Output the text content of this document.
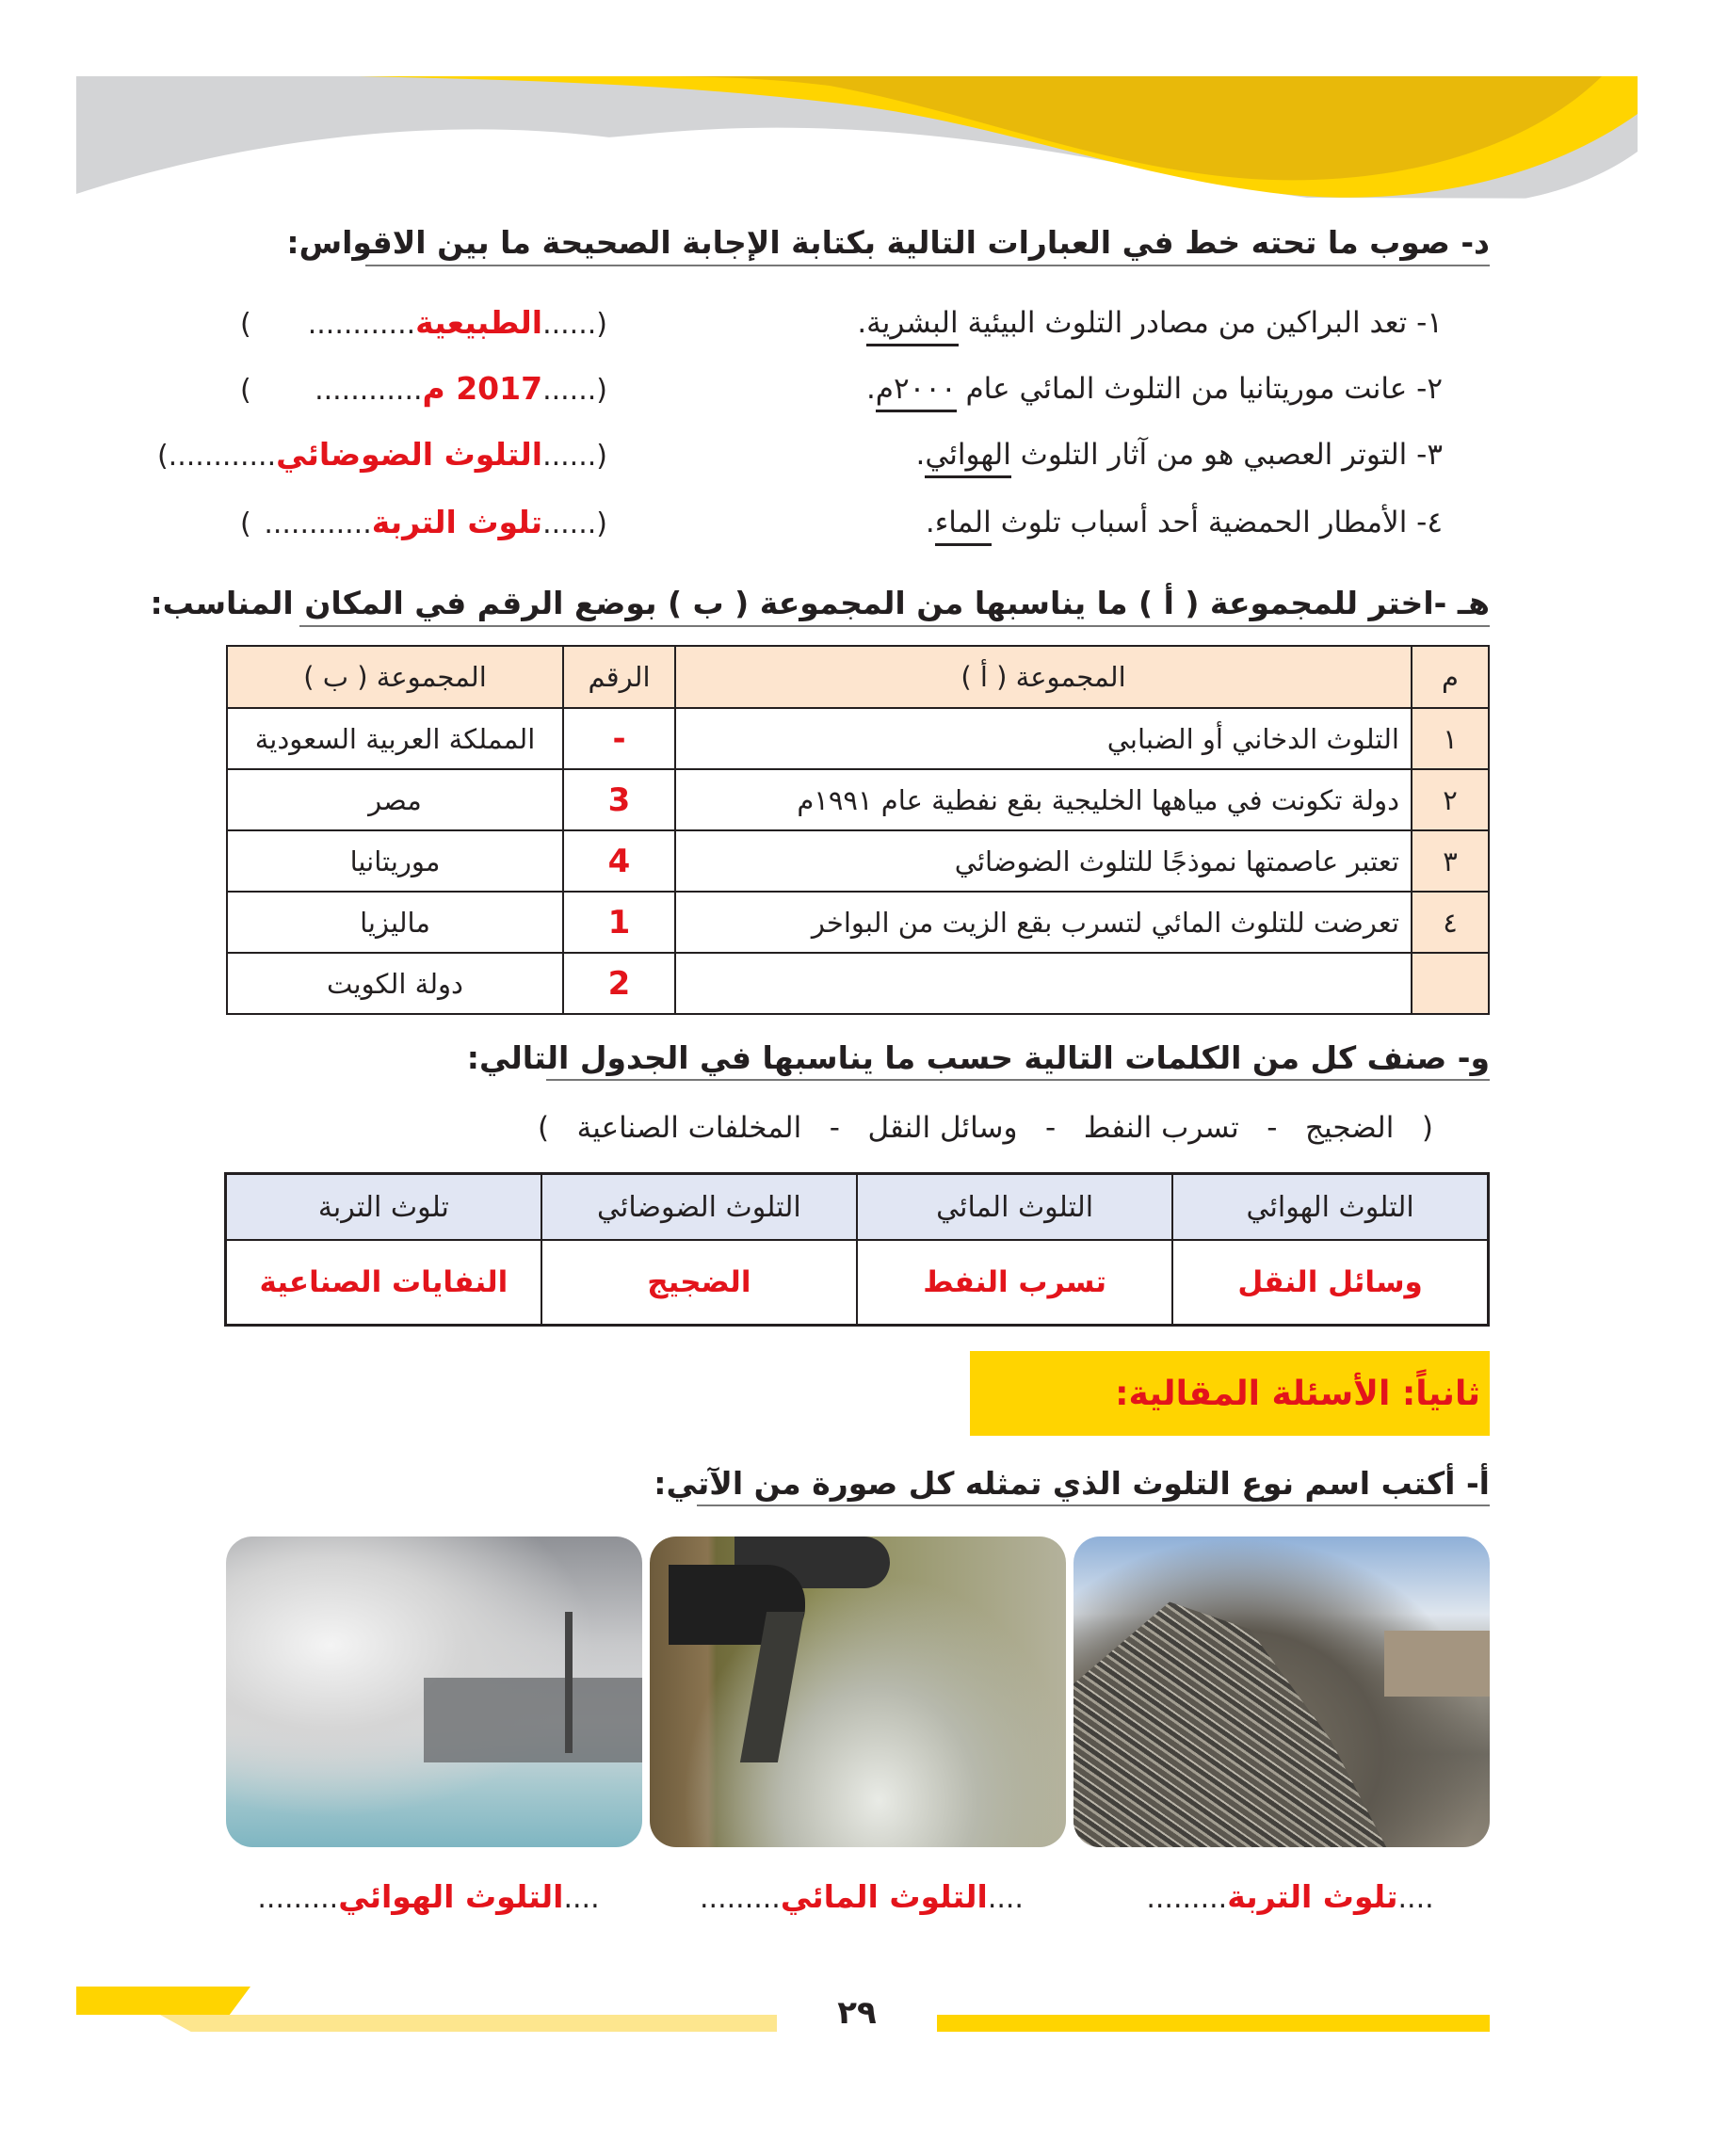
د- صوب ما تحته خط في العبارات التالية بكتابة الإجابة الصحيحة ما بين الاقواس:
١- تعد البراكين من مصادر التلوث البيئية البشرية.
(
......الطبيعية............
)
٢- عانت موريتانيا من التلوث المائي عام ٢٠٠٠م.
(
......2017 م............
)
٣- التوتر العصبي هو من آثار التلوث الهوائي.
(
......التلوث الضوضائي............
)
٤- الأمطار الحمضية أحد أسباب تلوث الماء.
(
......تلوث التربة............
)
هـ -اختر للمجموعة ( أ ) ما يناسبها من المجموعة ( ب ) بوضع الرقم في المكان المناسب:
م	المجموعة ( أ )	الرقم	المجموعة ( ب )
١	التلوث الدخاني أو الضبابي	-	المملكة العربية السعودية
٢	دولة تكونت في مياهها الخليجية بقع نفطية عام ١٩٩١م	3	مصر
٣	تعتبر عاصمتها نموذجًا للتلوث الضوضائي	4	موريتانيا
٤	تعرضت للتلوث المائي لتسرب بقع الزيت من البواخر	1	ماليزيا
		2	دولة الكويت
و- صنف كل من الكلمات التالية حسب ما يناسبها في الجدول التالي:
(   الضجيج   -   تسرب النفط   -   وسائل النقل   -   المخلفات الصناعية   )
التلوث الهوائي	التلوث المائي	التلوث الضوضائي	تلوث التربة
وسائل النقل	تسرب النفط	الضجيج	النفايات الصناعية
ثانياً: الأسئلة المقالية:
أ- أكتب اسم نوع التلوث الذي تمثله كل صورة من الآتي:
....
تلوث التربة
.........
....
التلوث المائي
.........
....
التلوث الهوائي
.........
٢٩
